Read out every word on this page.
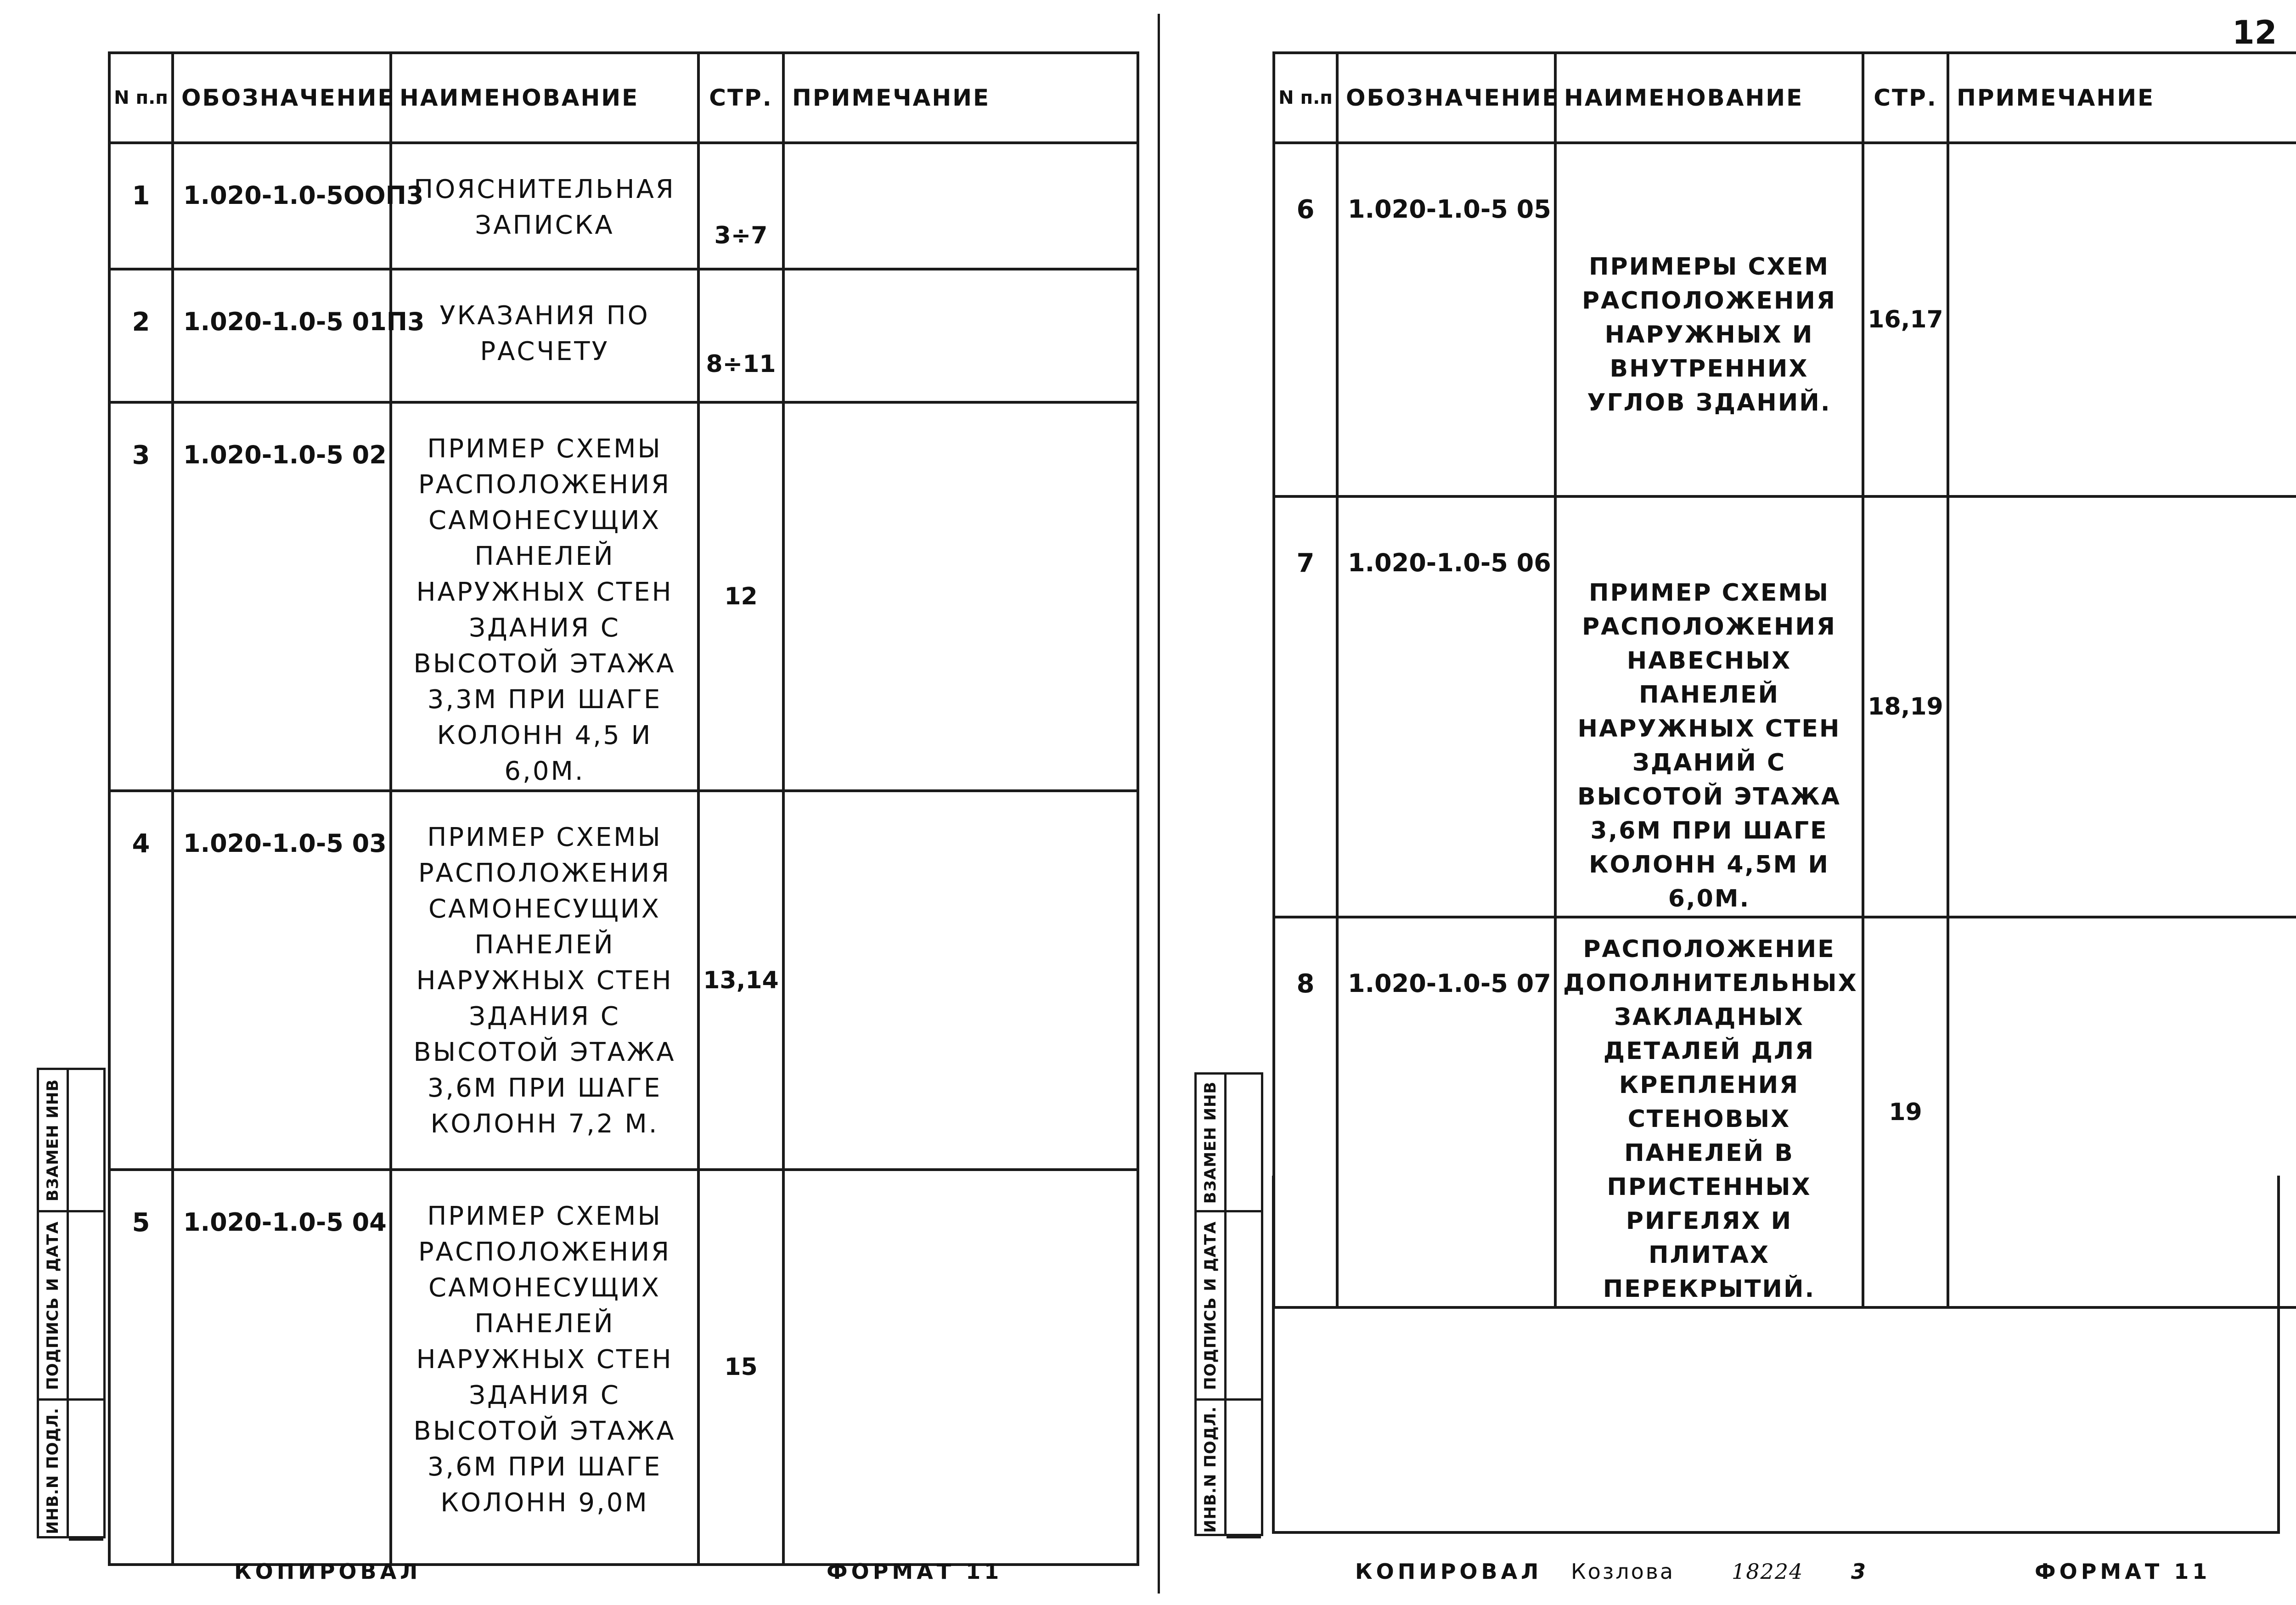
N п.п	ОБОЗНАЧЕНИЕ	НАИМЕНОВАНИЕ	СТР.	ПРИМЕЧАНИЕ
1	1.020-1.0-5ООП3	ПОЯСНИТЕЛЬНАЯ ЗАПИСКА	3÷7	
2	1.020-1.0-5 01П3	УКАЗАНИЯ ПО РАСЧЕТУ	8÷11	
3	1.020-1.0-5 02	ПРИМЕР СХЕМЫ РАСПОЛОЖЕНИЯ САМОНЕСУЩИХ ПАНЕЛЕЙ НАРУЖНЫХ СТЕН ЗДАНИЯ С ВЫСОТОЙ ЭТАЖА 3,3М ПРИ ШАГЕ КОЛОНН 4,5 И 6,0М.	12	
4	1.020-1.0-5 03	ПРИМЕР СХЕМЫ РАСПОЛОЖЕНИЯ САМОНЕСУЩИХ ПАНЕЛЕЙ НАРУЖНЫХ СТЕН ЗДАНИЯ С ВЫСОТОЙ ЭТАЖА 3,6М ПРИ ШАГЕ КОЛОНН 7,2 М.	13,14	
5	1.020-1.0-5 04	ПРИМЕР СХЕМЫ РАСПОЛОЖЕНИЯ САМОНЕСУЩИХ ПАНЕЛЕЙ НАРУЖНЫХ СТЕН ЗДАНИЯ С ВЫСОТОЙ ЭТАЖА 3,6М ПРИ ШАГЕ КОЛОНН 9,0М	15	
ВЗАМЕН ИНВ
ПОДПИСЬ И ДАТА
ИНВ.N ПОДЛ.
КОПИРОВАЛ	ФОРМАТ 11
12
N п.п	ОБОЗНАЧЕНИЕ	НАИМЕНОВАНИЕ	СТР.	ПРИМЕЧАНИЕ
6	1.020-1.0-5 05	ПРИМЕРЫ СХЕМ РАСПОЛОЖЕНИЯ НАРУЖНЫХ И ВНУТРЕННИХ УГЛОВ ЗДАНИЙ.	16,17	
7	1.020-1.0-5 06	ПРИМЕР СХЕМЫ РАСПОЛОЖЕНИЯ НАВЕСНЫХ ПАНЕЛЕЙ НАРУЖНЫХ СТЕН ЗДАНИЙ С ВЫСОТОЙ ЭТАЖА 3,6М ПРИ ШАГЕ КОЛОНН 4,5М И 6,0М.	18,19	
8	1.020-1.0-5 07	РАСПОЛОЖЕНИЕ ДОПОЛНИТЕЛЬНЫХ ЗАКЛАДНЫХ ДЕТАЛЕЙ ДЛЯ КРЕПЛЕНИЯ СТЕНОВЫХ ПАНЕЛЕЙ В ПРИСТЕННЫХ РИГЕЛЯХ И ПЛИТАХ ПЕРЕКРЫТИЙ.	19	
ВЗАМЕН ИНВ
ПОДПИСЬ И ДАТА
ИНВ.N ПОДЛ.
КОПИРОВАЛ Козлова	18224 3	ФОРМАТ 11
